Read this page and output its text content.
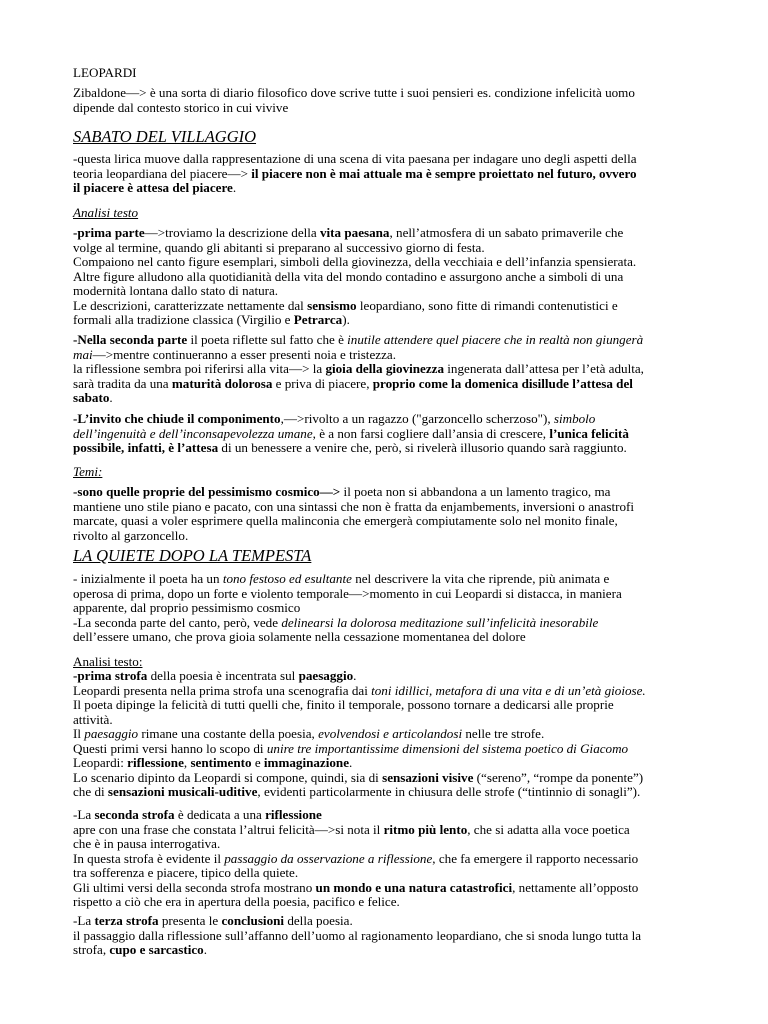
LEOPARDI
Zibaldone—> è una sorta di diario filosofico dove scrive tutte i suoi pensieri es. condizione infelicità uomo
dipende dal contesto storico in cui vivive
SABATO DEL VILLAGGIO
-questa lirica muove dalla rappresentazione di una scena di vita paesana per indagare uno degli aspetti della
teoria leopardiana del piacere—> il piacere non è mai attuale ma è sempre proiettato nel futuro, ovvero
il piacere è attesa del piacere.
Analisi testo
-prima parte—>troviamo la descrizione della vita paesana, nell’atmosfera di un sabato primaverile che
volge al termine, quando gli abitanti si preparano al successivo giorno di festa.
Compaiono nel canto figure esemplari, simboli della giovinezza, della vecchiaia e dell’infanzia spensierata.
Altre figure alludono alla quotidianità della vita del mondo contadino e assurgono anche a simboli di una
modernità lontana dallo stato di natura.
Le descrizioni, caratterizzate nettamente dal sensismo leopardiano, sono fitte di rimandi contenutistici e
formali alla tradizione classica (Virgilio e Petrarca).
-Nella seconda parte il poeta riflette sul fatto che è inutile attendere quel piacere che in realtà non giungerà
mai—>mentre continueranno a esser presenti noia e tristezza.
la riflessione sembra poi riferirsi alla vita—> la gioia della giovinezza ingenerata dall’attesa per l’età adulta,
sarà tradita da una maturità dolorosa e priva di piacere, proprio come la domenica disillude l’attesa del
sabato.
-L’invito che chiude il componimento,—>rivolto a un ragazzo ("garzoncello scherzoso"), simbolo
dell’ingenuità e dell’inconsapevolezza umane, è a non farsi cogliere dall’ansia di crescere, l’unica felicità
possibile, infatti, è l’attesa di un benessere a venire che, però, si rivelerà illusorio quando sarà raggiunto.
Temi:
-sono quelle proprie del pessimismo cosmico—> il poeta non si abbandona a un lamento tragico, ma
mantiene uno stile piano e pacato, con una sintassi che non è fratta da enjambements, inversioni o anastrofi
marcate, quasi a voler esprimere quella malinconia che emergerà compiutamente solo nel monito finale,
rivolto al garzoncello.
LA QUIETE DOPO LA TEMPESTA
- inizialmente il poeta ha un tono festoso ed esultante nel descrivere la vita che riprende, più animata e
operosa di prima, dopo un forte e violento temporale—>momento in cui Leopardi si distacca, in maniera
apparente, dal proprio pessimismo cosmico
-La seconda parte del canto, però, vede delinearsi la dolorosa meditazione sull’infelicità inesorabile
dell’essere umano, che prova gioia solamente nella cessazione momentanea del dolore
Analisi testo:
-prima strofa della poesia è incentrata sul paesaggio.
Leopardi presenta nella prima strofa una scenografia dai toni idillici, metafora di una vita e di un’età gioiose.
Il poeta dipinge la felicità di tutti quelli che, finito il temporale, possono tornare a dedicarsi alle proprie
attività.
Il paesaggio rimane una costante della poesia, evolvendosi e articolandosi nelle tre strofe.
Questi primi versi hanno lo scopo di unire tre importantissime dimensioni del sistema poetico di Giacomo
Leopardi: riflessione, sentimento e immaginazione.
Lo scenario dipinto da Leopardi si compone, quindi, sia di sensazioni visive (“sereno”, “rompe da ponente”)
che di sensazioni musicali-uditive, evidenti particolarmente in chiusura delle strofe (“tintinnio di sonagli”).
-La seconda strofa è dedicata a una riflessione
apre con una frase che constata l’altrui felicità—>si nota il ritmo più lento, che si adatta alla voce poetica
che è in pausa interrogativa.
In questa strofa è evidente il passaggio da osservazione a riflessione, che fa emergere il rapporto necessario
tra sofferenza e piacere, tipico della quiete.
Gli ultimi versi della seconda strofa mostrano un mondo e una natura catastrofici, nettamente all’opposto
rispetto a ciò che era in apertura della poesia, pacifico e felice.
-La terza strofa presenta le conclusioni della poesia.
il passaggio dalla riflessione sull’affanno dell’uomo al ragionamento leopardiano, che si snoda lungo tutta la
strofa, cupo e sarcastico.
